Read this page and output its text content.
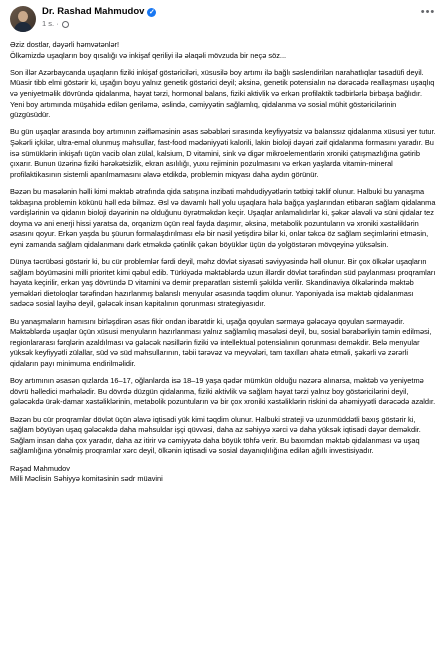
Dr. Rashad Mahmudov ✓
1 s. ·
•••

Əziz dostlar, dəyərli həmvətənlər!
Ölkəmizdə uşaqların boy qısalığı və inkişaf qeriliyi ilə əlaqəli mövzuda bir neçə söz...

Son illər Azərbaycanda uşaqların fiziki inkişaf göstəriciləri, xüsusilə boy artımı ilə bağlı səslendirilən narahatlıqlar təsadüfi deyil. Müasir tibb elmi göstərir ki, uşağın boyu yalnız genetik göstərici deyil; əksinə, genetik potensialın nə dərəcədə reallaşması uşaqlıq və yeniyetməlik dövründə qidalanma, həyat tərzi, hormonal balans, fiziki aktivlik və erkən profilaktik tədbirlərlə birbaşa bağlıdır. Yeni boy artımında müşahidə edilən geriləmə, əslində, cəmiyyətin sağlamlıq, qidalanma və sosial mühit göstəricilərinin güzgüsüdür.

Bu gün uşaqlar arasında boy artımının zəifləməsinin əsas səbəbləri sırasında keyfiyyətsiz və balanssız qidalanma xüsusi yer tutur. Şəkərli içkilər, ultra-emal olunmuş məhsullar, fast-food mədəniyyəti kalorili, lakin bioloji dəyəri zəif qidalanma formasını yaradır. Bu isə sümüklərin inkişafı üçün vacib olan zülal, kalsium, D vitamini, sink və digər mikroelementlərin xroniki çatışmazlığına gətirib çıxarır. Bunun üzərinə fiziki hərəkətsizlik, ekran asılılığı, yuxu rejiminin pozulmasını və erkən yaşlarda vitamin-mineral profilaktikasının sistemli aparılmamasını əlavə etdikdə, problemin miqyası daha aydın görünür.

Bəzən bu məsələnin həlli kimi məktəb ətrafında qida satışına inzibati məhdudiyyətlərin tətbiqi təklif olunur. Halbuki bu yanaşma təkbaşına problemin kökünü həll edə bilməz. Əsl və davamlı həll yolu uşaqlara hələ bağça yaşlarından etibarən sağlam qidalanma vərdişlərinin və qidanın bioloji dəyərinin nə olduğunu öyrətməkdən keçir. Uşaqlar anlamalıdırlar ki, şəkər əlavəli və süni qidalar tez doyma və ani enerji hissi yaratsa da, orqanizm üçün real fayda daşımır, əksinə, metabolik pozuntuların və xroniki xəstəliklərin əsasını qoyur. Erkən yaşda bu şüurun formalaşdırılması elə bir nəsil yetişdirə bilər ki, onlar təkcə öz sağlam seçimlərini etməsin, eyni zamanda sağlam qidalanmanı dərk etməkdə çətinlik çəkən böyüklər üçün də yolgöstərən mövqeyinə yüksəlsin.

Dünya təcrübəsi göstərir ki, bu cür problemlər fərdi deyil, məhz dövlət siyasəti səviyyəsində həll olunur. Bir çox ölkələr uşaqların sağlam böyüməsini milli prioritet kimi qəbul edib. Türkiyədə məktəblərdə uzun illərdir dövlət tərəfindən süd paylanması proqramları həyata keçirilir, erkən yaş dövründə D vitamini və demir preparatları sistemli şəkildə verilir. Skandinaviya ölkələrində məktəb yeməkləri dietoloqlar tərəfindən hazırlanmış balanslı menyular əsasında təqdim olunur. Yaponiyada isə məktəb qidalanması sadəcə sosial layihə deyil, gələcək insan kapitalının qorunması strategiyasıdır.

Bu yanaşmaların hamısını birləşdirən əsas fikir ondan ibarətdir ki, uşağa qoyulan sərmayə gələcəyə qoyulan sərmayədir. Məktəblərdə uşaqlar üçün xüsusi menyuların hazırlanması yalnız sağlamlıq məsələsi deyil, bu, sosial bərabərliyin təmin edilməsi, regionlararası fərqlərin azaldılması və gələcək nəsillərin fiziki və intellektual potensialının qorunması deməkdir. Belə menyular yüksək keyfiyyətli zülallar, süd və süd məhsullarının, təbii tərəvəz və meyvələri, tam taxılları əhatə etməli, şəkərli və zərərli qidaların payı minimuma endirilməlidir.

Boy artımının əsasən qızlarda 16–17, oğlanlarda isə 18–19 yaşa qədər mümkün olduğu nəzərə alınarsa, məktəb və yeniyetmə dövrü həlledici mərhələdir. Bu dövrdə düzgün qidalanma, fiziki aktivlik və sağlam həyat tərzi yalnız boy göstəricilərini deyil, gələcəkdə ürək-damar xəstəliklərinin, metabolik pozuntuların və bir çox xroniki xəstəliklərin riskini də əhəmiyyətli dərəcədə azaldır.

Bəzən bu cür proqramlar dövlət üçün əlavə iqtisadi yük kimi təqdim olunur. Halbuki strateji və uzunmüddətli baxış göstərir ki, sağlam böyüyən uşaq gələcəkdə daha məhsuldar işçi qüvvəsi, daha az səhiyyə xərci və daha yüksək iqtisadi dəyər deməkdir. Sağlam insan daha çox yaradır, daha az itirir və cəmiyyətə daha böyük töhfə verir. Bu baxımdan məktəb qidalanması və uşaq sağlamlığına yönəlmiş proqramlar xərc deyil, ölkənin iqtisadi və sosial dayanıqlılığına edilən ağıllı investisiyadır.

Rəşad Mahmudov
Milli Məclisin Səhiyyə komitəsinin sədr müavini
